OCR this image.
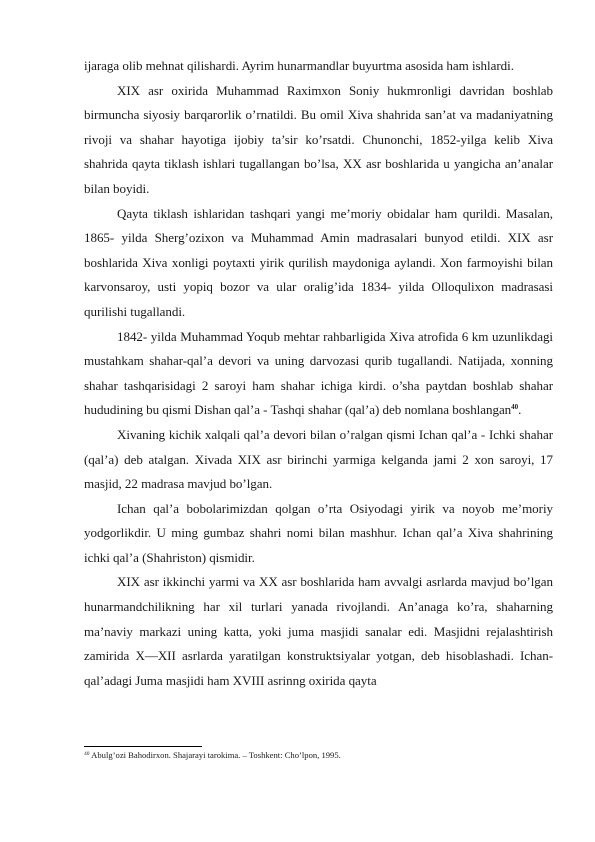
ijaraga olib mehnat qilishardi. Ayrim hunarmandlar buyurtma asosida ham ishlardi.

XIX asr oxirida Muhammad Raximxon Soniy hukmronligi davridan boshlab birmuncha siyosiy barqarorlik o’rnatildi. Bu omil Xiva shahrida san’at va madaniyatning rivoji va shahar hayotiga ijobiy ta’sir ko’rsatdi. Chunonchi, 1852-yilga kelib Xiva shahrida qayta tiklash ishlari tugallangan bo’lsa, XX asr boshlarida u yangicha an’analar bilan boyidi.

Qayta tiklash ishlaridan tashqari yangi me’moriy obidalar ham qurildi. Masalan, 1865- yilda Sherg’ozixon va Muhammad Amin madrasalari bunyod etildi. XIX asr boshlarida Xiva xonligi poytaxti yirik qurilish maydoniga aylandi. Xon farmoyishi bilan karvonsaroy, usti yopiq bozor va ular oralig’ida 1834- yilda Olloqulixon madrasasi qurilishi tugallandi.

1842- yilda Muhammad Yoqub mehtar rahbarligida Xiva atrofida 6 km uzunlikdagi mustahkam shahar-qal’a devori va uning darvozasi qurib tugallandi. Natijada, xonning shahar tashqarisidagi 2 saroyi ham shahar ichiga kirdi. o’sha paytdan boshlab shahar hududining bu qismi Dishan qal’a - Tashqi shahar (qal’a) deb nomlana boshlangan$^{40}$.

Xivaning kichik xalqali qal’a devori bilan o’ralgan qismi Ichan qal’a - Ichki shahar (qal’a) deb atalgan. Xivada XIX asr birinchi yarmiga kelganda jami 2 xon saroyi, 17 masjid, 22 madrasa mavjud bo’lgan.

Ichan qal’a bobolarimizdan qolgan o’rta Osiyodagi yirik va noyob me’moriy yodgorlikdir. U ming gumbaz shahri nomi bilan mashhur. Ichan qal’a Xiva shahrining ichki qal’a (Shahriston) qismidir.

XIX asr ikkinchi yarmi va XX asr boshlarida ham avvalgi asrlarda mavjud bo’lgan hunarmandchilikning har xil turlari yanada rivojlandi. An’anaga ko’ra, shaharning ma’naviy markazi uning katta, yoki juma masjidi sanalar edi. Masjidni rejalashtirish zamirida X—XII asrlarda yaratilgan konstruktsiyalar yotgan, deb hisoblashadi. Ichan-qal’adagi Juma masjidi ham XVIII asrinng oxirida qayta

$^{40}$ Abulg’ozi Bahodirxon. Shajarayi tarokima. – Toshkent: Cho’lpon, 1995.
